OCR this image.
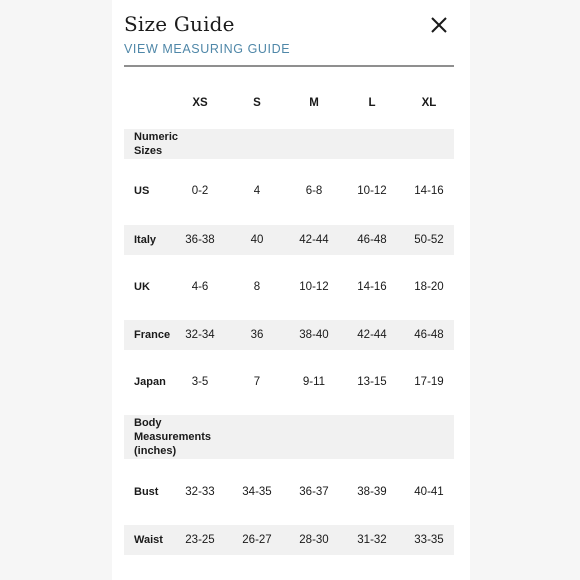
Size Guide
VIEW MEASURING GUIDE
XS	S	M	L	XL
Numeric Sizes
US	0-2	4	6-8	10-12	14-16
Italy	36-38	40	42-44	46-48	50-52
UK	4-6	8	10-12	14-16	18-20
France	32-34	36	38-40	42-44	46-48
Japan	3-5	7	9-11	13-15	17-19
Body Measurements (inches)
Bust	32-33	34-35	36-37	38-39	40-41
Waist	23-25	26-27	28-30	31-32	33-35
